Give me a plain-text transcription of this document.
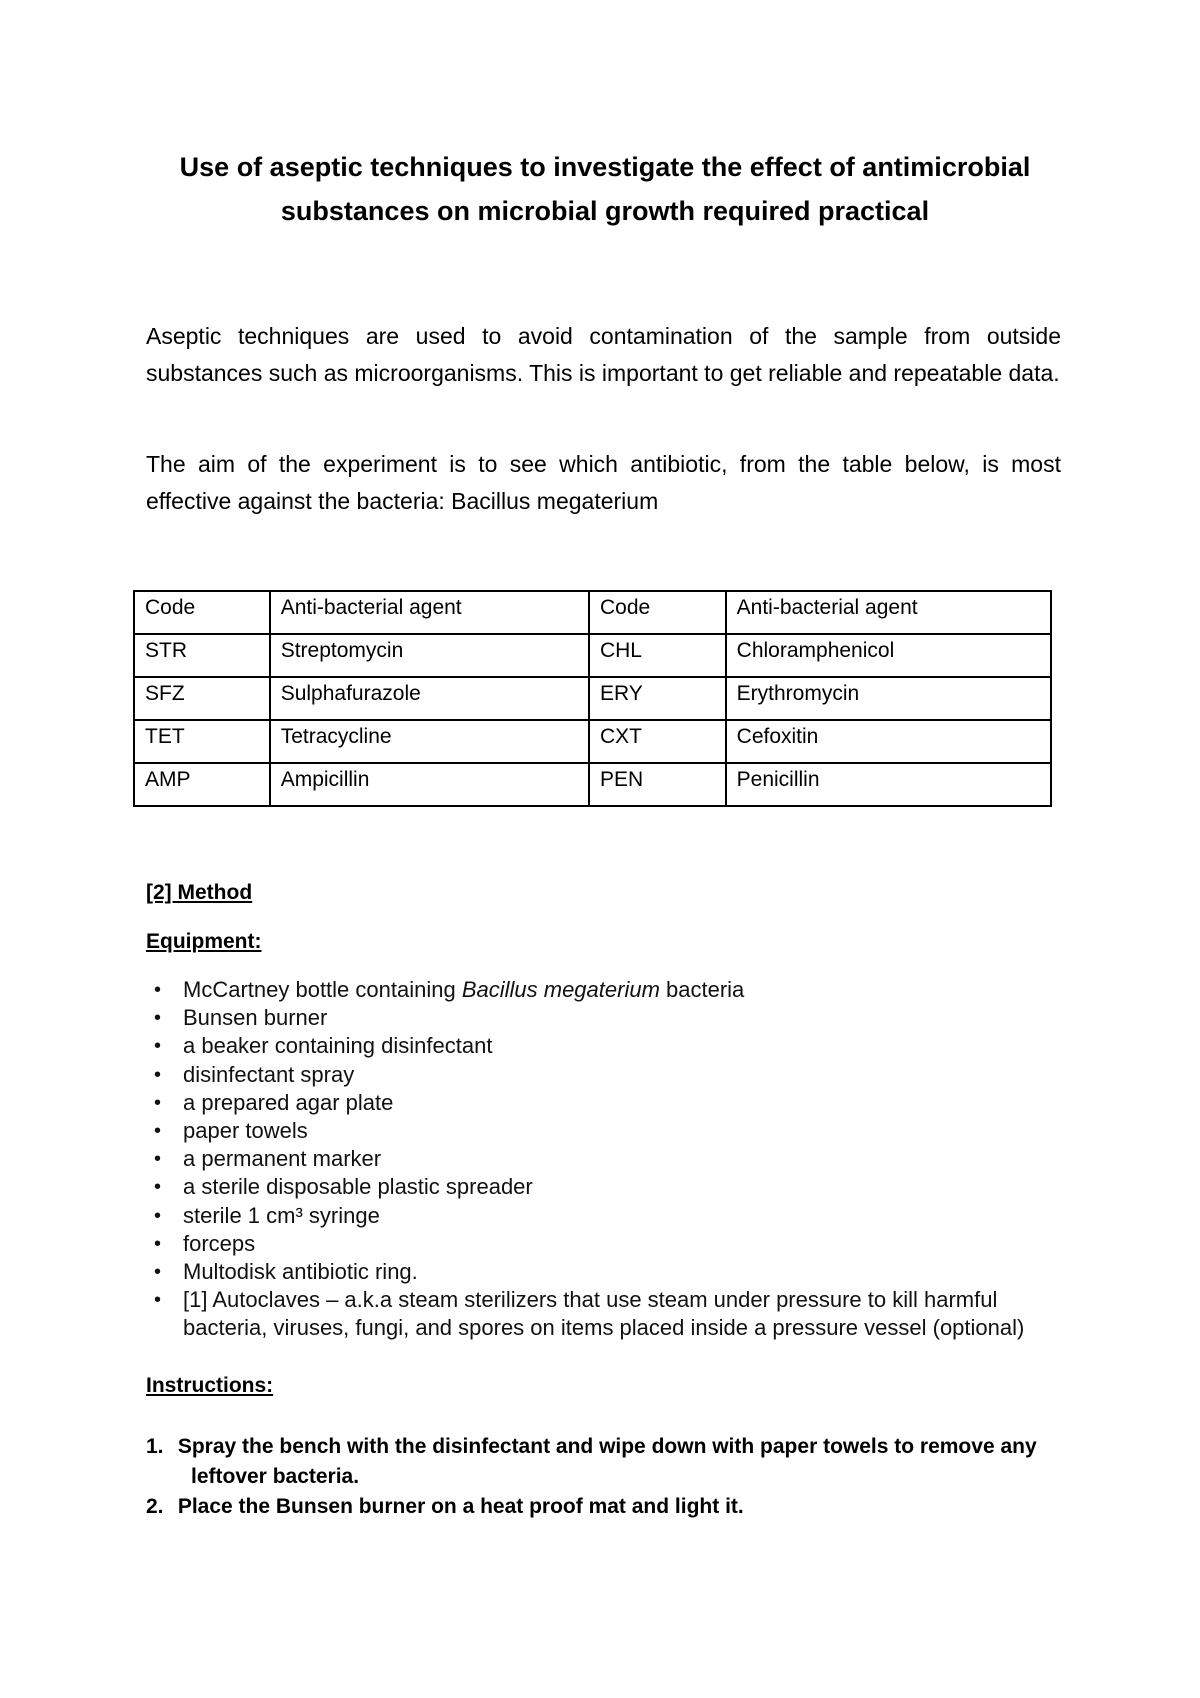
Use of aseptic techniques to investigate the effect of antimicrobial
substances on microbial growth required practical
Aseptic techniques are used to avoid contamination of the sample from outside substances such as microorganisms. This is important to get reliable and repeatable data.
The aim of the experiment is to see which antibiotic, from the table below, is most effective against the bacteria: Bacillus megaterium
Code	Anti-bacterial agent	Code	Anti-bacterial agent
STR	Streptomycin	CHL	Chloramphenicol
SFZ	Sulphafurazole	ERY	Erythromycin
TET	Tetracycline	CXT	Cefoxitin
AMP	Ampicillin	PEN	Penicillin
[2] Method
Equipment:
• McCartney bottle containing Bacillus megaterium bacteria
• Bunsen burner
• a beaker containing disinfectant
• disinfectant spray
• a prepared agar plate
• paper towels
• a permanent marker
• a sterile disposable plastic spreader
• sterile 1 cm³ syringe
• forceps
• Multodisk antibiotic ring.
• [1] Autoclaves – a.k.a steam sterilizers that use steam under pressure to kill harmful bacteria, viruses, fungi, and spores on items placed inside a pressure vessel (optional)
Instructions:
1. Spray the bench with the disinfectant and wipe down with paper towels to remove any leftover bacteria.
2. Place the Bunsen burner on a heat proof mat and light it.
